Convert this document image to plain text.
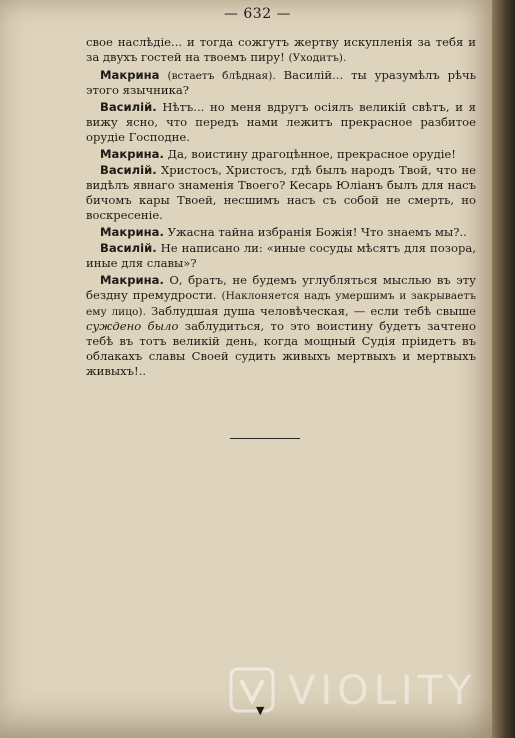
— 632 —

свое наслѣдіе... и тогда сожгутъ жертву искупленія за тебя и за двухъ гостей на твоемъ пиру! (Уходитъ).

Макрина (встаетъ блѣдная). Василій... ты уразумѣлъ рѣчь этого язычника?

Василій. Нѣтъ... но меня вдругъ осіялъ великій свѣтъ, и я вижу ясно, что передъ нами лежитъ прекрасное разбитое орудіе Господне.

Макрина. Да, воистину драгоцѣнное, прекрасное орудіе!

Василій. Христосъ, Христосъ, гдѣ былъ народъ Твой, что не видѣлъ явнаго знаменія Твоего? Кесарь Юліанъ былъ для насъ бичомъ кары Твоей, несшимъ насъ съ собой не смерть, но воскресеніе.

Макрина. Ужасна тайна избранія Божія! Что знаемъ мы?..

Василій. Не написано ли: «иные сосуды мѣсятъ для позора, иные для славы»?

Макрина. О, братъ, не будемъ углубляться мыслью въ эту бездну премудрости. (Наклоняется надъ умершимъ и закрываетъ ему лицо). Заблудшая душа человѣческая, — если тебѣ свыше суждено было заблудиться, то это воистину будетъ зачтено тебѣ въ тотъ великій день, когда мощный Судія пріидетъ въ облакахъ славы Своей судить живыхъ мертвыхъ и мертвыхъ живыхъ!..

VIOLITY
▼
